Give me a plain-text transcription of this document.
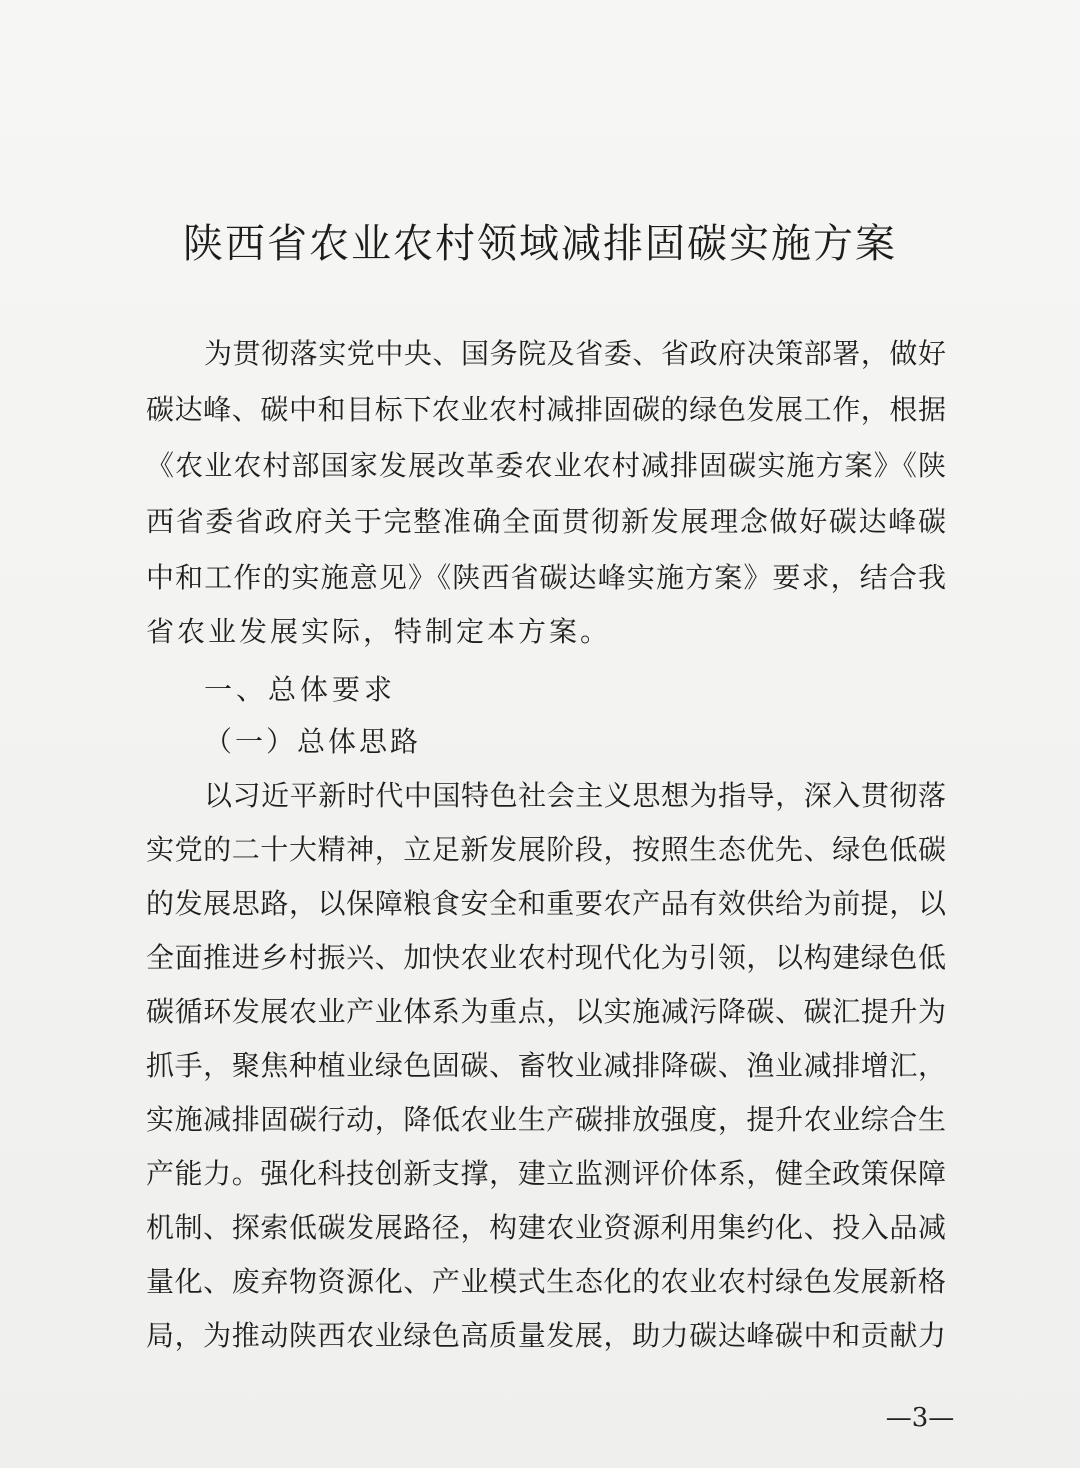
陕西省农业农村领域减排固碳实施方案
为贯彻落实党中央、国务院及省委、省政府决策部署，做好
碳达峰、碳中和目标下农业农村减排固碳的绿色发展工作，根据
《农业农村部国家发展改革委农业农村减排固碳实施方案》《陕
西省委省政府关于完整准确全面贯彻新发展理念做好碳达峰碳
中和工作的实施意见》《陕西省碳达峰实施方案》要求，结合我
省农业发展实际，特制定本方案。
一、总体要求
（一）总体思路
以习近平新时代中国特色社会主义思想为指导，深入贯彻落
实党的二十大精神，立足新发展阶段，按照生态优先、绿色低碳
的发展思路，以保障粮食安全和重要农产品有效供给为前提，以
全面推进乡村振兴、加快农业农村现代化为引领，以构建绿色低
碳循环发展农业产业体系为重点，以实施减污降碳、碳汇提升为
抓手，聚焦种植业绿色固碳、畜牧业减排降碳、渔业减排增汇，
实施减排固碳行动，降低农业生产碳排放强度，提升农业综合生
产能力。强化科技创新支撑，建立监测评价体系，健全政策保障
机制、探索低碳发展路径，构建农业资源利用集约化、投入品减
量化、废弃物资源化、产业模式生态化的农业农村绿色发展新格
局，为推动陕西农业绿色高质量发展，助力碳达峰碳中和贡献力
—3—
